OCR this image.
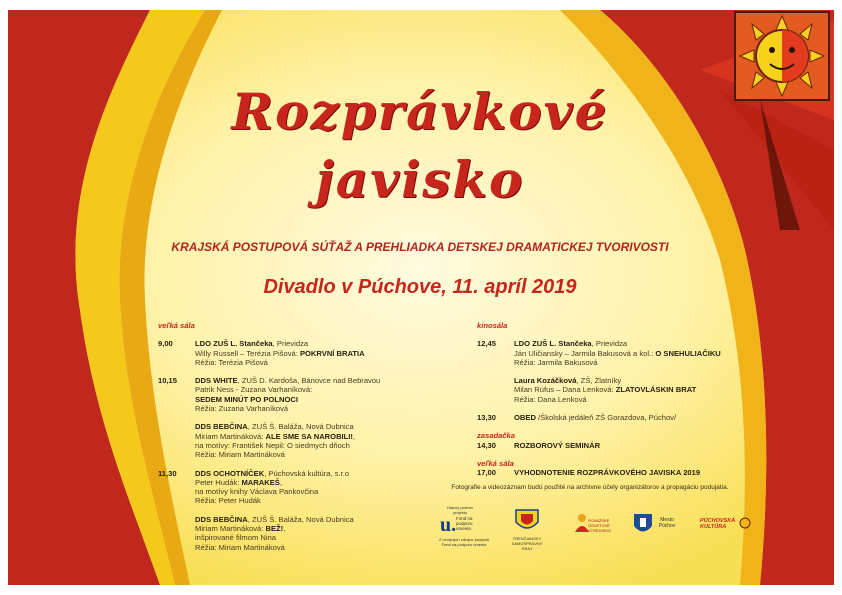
Rozprávkové
javisko
KRAJSKÁ POSTUPOVÁ SÚŤAŽ A PREHLIADKA DETSKEJ DRAMATICKEJ TVORIVOSTI
Divadlo v Púchove, 11. apríl 2019
veľká sála
9,00	LDO ZUŠ L. Stančeka, Prievidza
Willy Russell – Terézia Pišová: POKRVNÍ BRATIA
Réžia: Terézia Pišová
10,15	DDS WHITE, ZUŠ D. Kardoša, Bánovce nad Bebravou
Patrik Ness - Zuzana Varhaníková:
SEDEM MINÚT PO POLNOCI
Réžia: Zuzana Varhaníková
DDS BEBČINA, ZUŠ Š. Baláža, Nová Dubnica
Miriam Martináková: ALE SME SA NAROBILI!,
na motívy: František Nepil: O siedmych dňoch
Réžia: Miriam Martináková
11,30	DDS OCHOTNÍČEK, Púchovská kultúra, s.r.o
Peter Hudák: MARAKEŠ,
na motívy knihy Václava Pankovčina
Réžia: Peter Hudák
DDS BEBČINA, ZUŠ Š. Baláža, Nová Dubnica
Miriam Martináková: BEŽ!,
inšpirované filmom Nina
Réžia: Miriam Martináková
kinosála
12,45	LDO ZUŠ L. Stančeka, Prievidza
Ján Uličiansky – Jarmila Bakusová a kol.: O SNEHULIAČIKU
Réžia: Jarmila Bakusová
Laura Kozáčková, ZŠ, Zlatníky
Milan Rúfus – Dana Lenková: ZLATOVLÁSKIN BRAT
Réžia: Dana Lenková
13,30	OBED /Školská jedáleň ZŠ Gorazdova, Púchov/
zasadačka
14,30	ROZBOROVÝ SEMINÁR
veľká sála
17,00	VYHODNOTENIE ROZPRÁVKOVÉHO JAVISKA 2019
Fotografie a videozáznam budú použité na archívne účely organizátorov a propagáciu podujatia.
Hlavný partner projektu
u. Fond na podporu umenia
Z verejných zdrojov podporil Fond na podporu umenia
TRENČIANSKY SAMOSPRÁVNY KRAJ
POVAŽSKÉ OSVETOVÉ STREDISKO
Mesto Púchov
PÚCHOVSKÁ KULTÚRA
